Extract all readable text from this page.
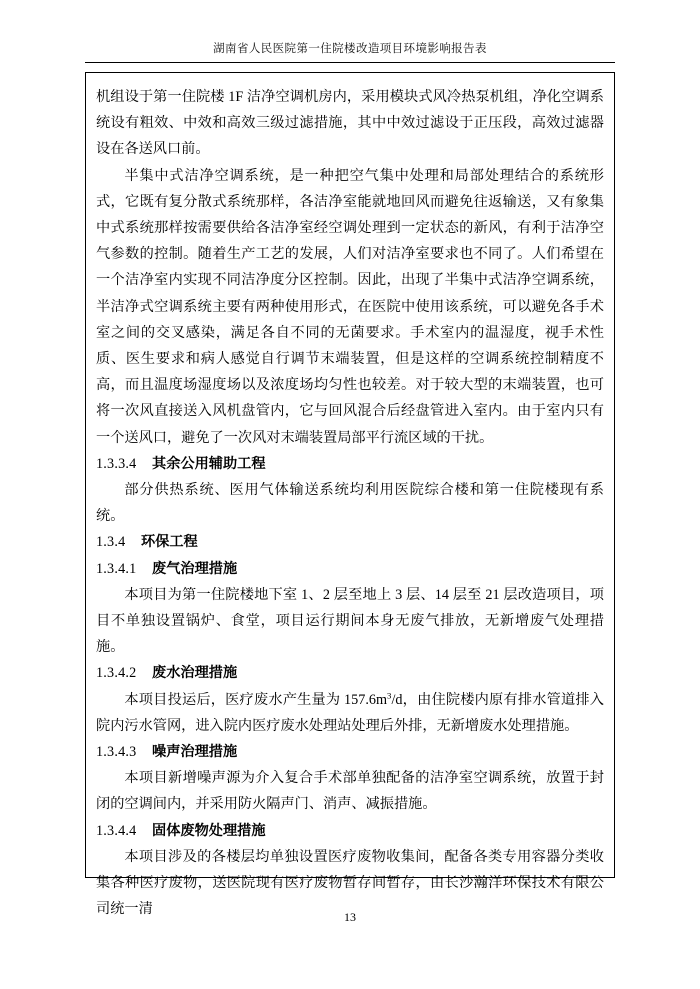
湖南省人民医院第一住院楼改造项目环境影响报告表

机组设于第一住院楼 1F 洁净空调机房内，采用模块式风冷热泵机组，净化空调系统设有粗效、中效和高效三级过滤措施，其中中效过滤设于正压段，高效过滤器设在各送风口前。

半集中式洁净空调系统，是一种把空气集中处理和局部处理结合的系统形式，它既有复分散式系统那样，各洁净室能就地回风而避免往返输送，又有象集中式系统那样按需要供给各洁净室经空调处理到一定状态的新风，有利于洁净空气参数的控制。随着生产工艺的发展，人们对洁净室要求也不同了。人们希望在一个洁净室内实现不同洁净度分区控制。因此，出现了半集中式洁净空调系统，半洁净式空调系统主要有两种使用形式，在医院中使用该系统，可以避免各手术室之间的交叉感染，满足各自不同的无菌要求。手术室内的温湿度，视手术性质、医生要求和病人感觉自行调节末端装置，但是这样的空调系统控制精度不高，而且温度场湿度场以及浓度场均匀性也较差。对于较大型的末端装置，也可将一次风直接送入风机盘管内，它与回风混合后经盘管进入室内。由于室内只有一个送风口，避免了一次风对末端装置局部平行流区域的干扰。

1.3.3.4 其余公用辅助工程

部分供热系统、医用气体输送系统均利用医院综合楼和第一住院楼现有系统。

1.3.4 环保工程

1.3.4.1 废气治理措施

本项目为第一住院楼地下室 1、2 层至地上 3 层、14 层至 21 层改造项目，项目不单独设置锅炉、食堂，项目运行期间本身无废气排放，无新增废气处理措施。

1.3.4.2 废水治理措施

本项目投运后，医疗废水产生量为 $157.6m^3/d$，由住院楼内原有排水管道排入院内污水管网，进入院内医疗废水处理站处理后外排，无新增废水处理措施。

1.3.4.3 噪声治理措施

本项目新增噪声源为介入复合手术部单独配备的洁净室空调系统，放置于封闭的空调间内，并采用防火隔声门、消声、减振措施。

1.3.4.4 固体废物处理措施

本项目涉及的各楼层均单独设置医疗废物收集间，配备各类专用容器分类收集各种医疗废物，送医院现有医疗废物暂存间暂存，由长沙瀚洋环保技术有限公司统一清	13
